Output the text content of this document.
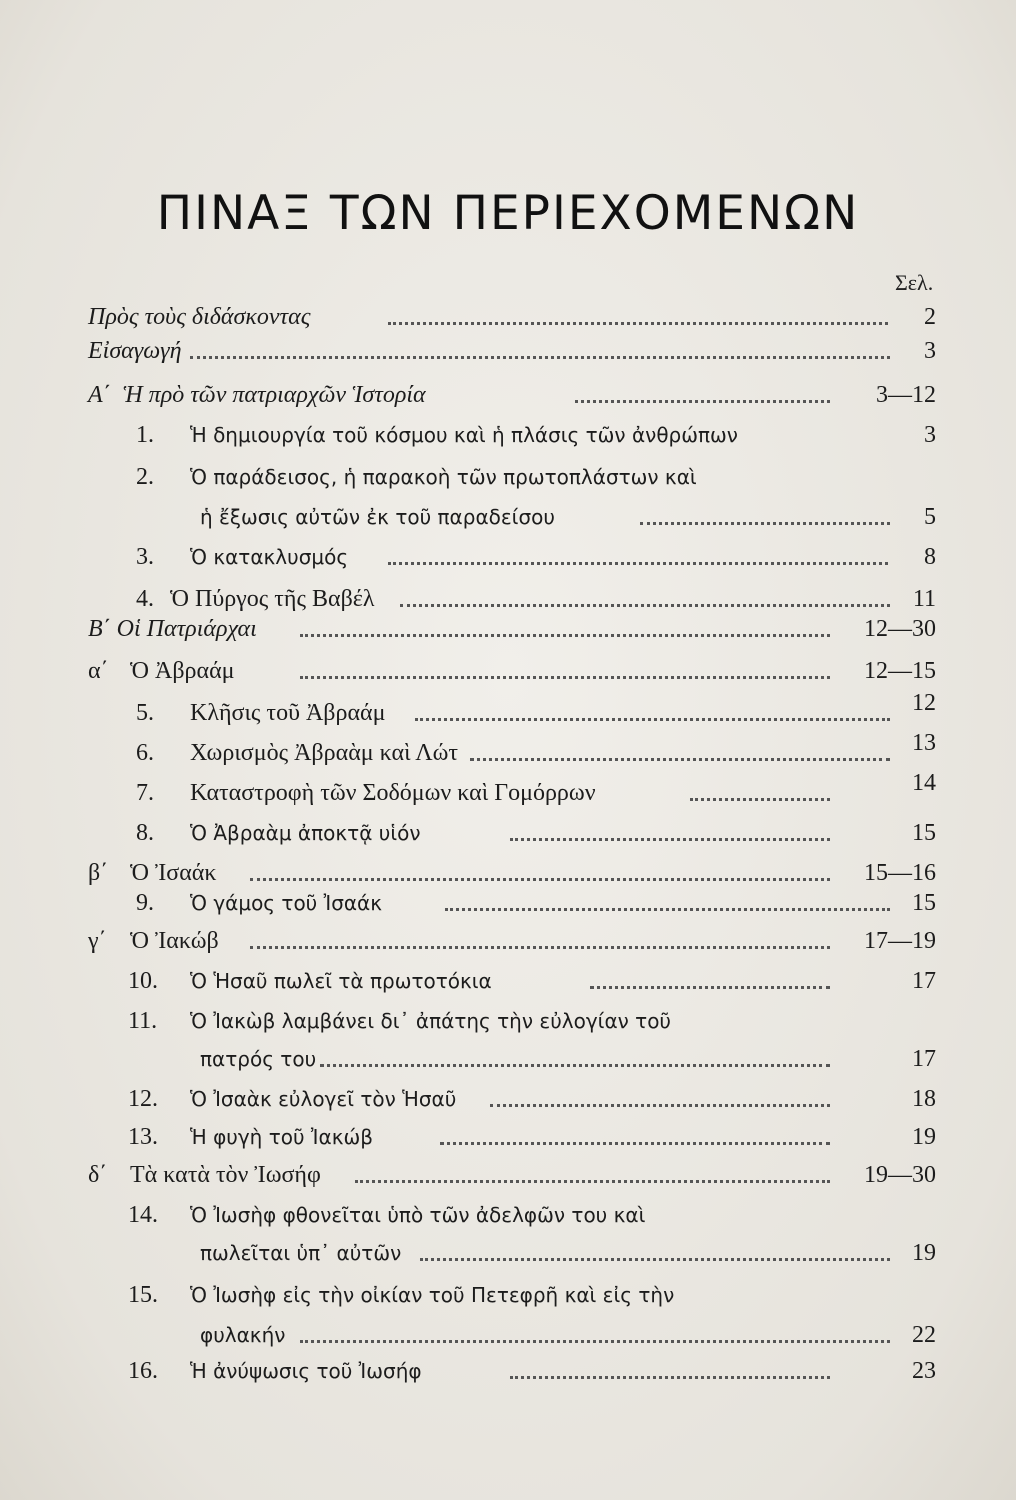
ΠΙΝΑΞ ΤΩΝ ΠΕΡΙΕΧΟΜΕΝΩΝ
Σελ.
Πρὸς τοὺς διδάσκοντας	2
Εἰσαγωγή	3
Α΄ Ἡ πρὸ τῶν πατριαρχῶν Ἱστορία	3—12
1. Ἡ δημιουργία τοῦ κόσμου καὶ ἡ πλάσις τῶν ἀνθρώπων	3
2. Ὁ παράδεισος, ἡ παρακοὴ τῶν πρωτοπλάστων καὶ
ἡ ἔξωσις αὐτῶν ἐκ τοῦ παραδείσου	5
3. Ὁ κατακλυσμός	8
4. Ὁ Πύργος τῆς Βαβέλ	11
Β΄ Οἱ Πατριάρχαι	12—30
α΄ Ὁ Ἀβραάμ	12—15
5. Κλῆσις τοῦ Ἀβραάμ	12
6. Χωρισμὸς Ἀβραὰμ καὶ Λώτ	13
7. Καταστροφὴ τῶν Σοδόμων καὶ Γομόρρων	14
8. Ὁ Ἀβραὰμ ἀποκτᾷ υἱόν	15
β΄ Ὁ Ἰσαάκ	15—16
9. Ὁ γάμος τοῦ Ἰσαάκ	15
γ΄ Ὁ Ἰακώβ	17—19
10. Ὁ Ἡσαῦ πωλεῖ τὰ πρωτοτόκια	17
11. Ὁ Ἰακὼβ λαμβάνει δι᾽ ἀπάτης τὴν εὐλογίαν τοῦ
πατρός του	17
12. Ὁ Ἰσαὰκ εὐλογεῖ τὸν Ἡσαῦ	18
13. Ἡ φυγὴ τοῦ Ἰακώβ	19
δ΄ Τὰ κατὰ τὸν Ἰωσήφ	19—30
14. Ὁ Ἰωσὴφ φθονεῖται ὑπὸ τῶν ἀδελφῶν του καὶ
πωλεῖται ὑπ᾽ αὐτῶν	19
15. Ὁ Ἰωσὴφ εἰς τὴν οἰκίαν τοῦ Πετεφρῆ καὶ εἰς τὴν
φυλακήν	22
16. Ἡ ἀνύψωσις τοῦ Ἰωσήφ	23
